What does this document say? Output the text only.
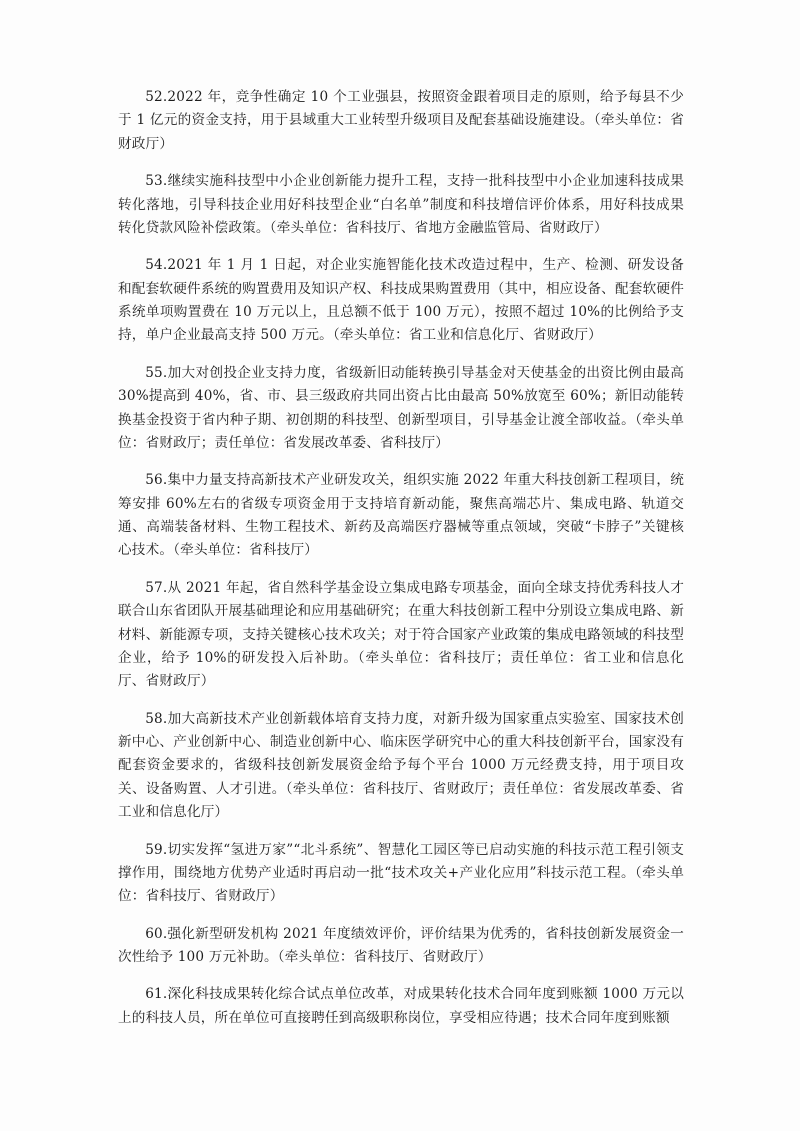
52.2022 年，竞争性确定 10 个工业强县，按照资金跟着项目走的原则，给予每县不少于 1 亿元的资金支持，用于县域重大工业转型升级项目及配套基础设施建设。（牵头单位：省财政厅）

53.继续实施科技型中小企业创新能力提升工程，支持一批科技型中小企业加速科技成果转化落地，引导科技企业用好科技型企业“白名单”制度和科技增信评价体系，用好科技成果转化贷款风险补偿政策。（牵头单位：省科技厅、省地方金融监管局、省财政厅）

54.2021 年 1 月 1 日起，对企业实施智能化技术改造过程中，生产、检测、研发设备和配套软硬件系统的购置费用及知识产权、科技成果购置费用（其中，相应设备、配套软硬件系统单项购置费在 10 万元以上，且总额不低于 100 万元），按照不超过 10%的比例给予支持，单户企业最高支持 500 万元。（牵头单位：省工业和信息化厅、省财政厅）

55.加大对创投企业支持力度，省级新旧动能转换引导基金对天使基金的出资比例由最高 30%提高到 40%，省、市、县三级政府共同出资占比由最高 50%放宽至 60%；新旧动能转换基金投资于省内种子期、初创期的科技型、创新型项目，引导基金让渡全部收益。（牵头单位：省财政厅；责任单位：省发展改革委、省科技厅）

56.集中力量支持高新技术产业研发攻关，组织实施 2022 年重大科技创新工程项目，统筹安排 60%左右的省级专项资金用于支持培育新动能，聚焦高端芯片、集成电路、轨道交通、高端装备材料、生物工程技术、新药及高端医疗器械等重点领域，突破“卡脖子”关键核心技术。（牵头单位：省科技厅）

57.从 2021 年起，省自然科学基金设立集成电路专项基金，面向全球支持优秀科技人才联合山东省团队开展基础理论和应用基础研究；在重大科技创新工程中分别设立集成电路、新材料、新能源专项，支持关键核心技术攻关；对于符合国家产业政策的集成电路领域的科技型企业，给予 10%的研发投入后补助。（牵头单位：省科技厅；责任单位：省工业和信息化厅、省财政厅）

58.加大高新技术产业创新载体培育支持力度，对新升级为国家重点实验室、国家技术创新中心、产业创新中心、制造业创新中心、临床医学研究中心的重大科技创新平台，国家没有配套资金要求的，省级科技创新发展资金给予每个平台 1000 万元经费支持，用于项目攻关、设备购置、人才引进。（牵头单位：省科技厅、省财政厅；责任单位：省发展改革委、省工业和信息化厅）

59.切实发挥“氢进万家”“北斗系统”、智慧化工园区等已启动实施的科技示范工程引领支撑作用，围绕地方优势产业适时再启动一批“技术攻关+产业化应用”科技示范工程。（牵头单位：省科技厅、省财政厅）

60.强化新型研发机构 2021 年度绩效评价，评价结果为优秀的，省科技创新发展资金一次性给予 100 万元补助。（牵头单位：省科技厅、省财政厅）

61.深化科技成果转化综合试点单位改革，对成果转化技术合同年度到账额 1000 万元以上的科技人员，所在单位可直接聘任到高级职称岗位，享受相应待遇；技术合同年度到账额
